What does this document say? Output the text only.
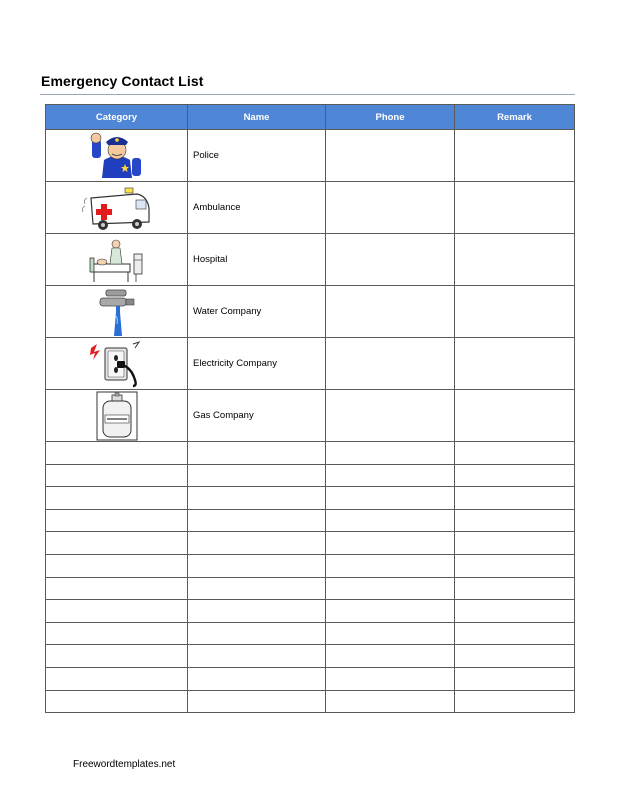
Emergency Contact List
Category	Name	Phone	Remark

	Police		

	Ambulance		

	Hospital		

	Water Company		

	Electricity Company		

	Gas Company		

Freewordtemplates.net
